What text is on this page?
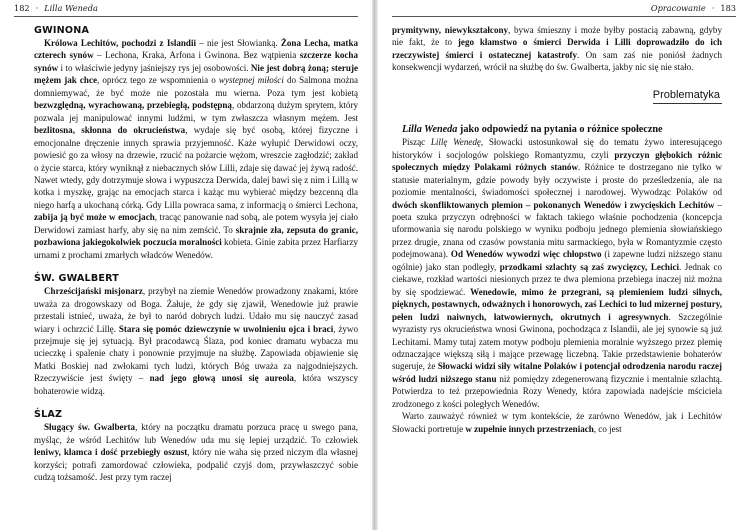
182 · Lilla Weneda
GWINONA

Królowa Lechitów, pochodzi z Islandii – nie jest Słowianką. Żona Lecha, matka czterech synów – Lechona, Kraka, Arfona i Gwinona. Bez wątpienia szczerze kocha synów i to właściwie jedyny jaśniejszy rys jej osobowości. Nie jest dobrą żoną; steruje mężem jak chce, oprócz tego ze wspomnienia o wystepnej miłości do Salmona można domniemywać, że być może nie pozostała mu wierna. Poza tym jest kobietą bezwzględną, wyrachowaną, przebiegłą, podstępną, obdarzoną dużym sprytem, który pozwala jej manipulować innymi ludźmi, w tym zwłaszcza własnym mężem. Jest bezlitosna, skłonna do okrucieństwa, wydaje się być osobą, której fizyczne i emocjonalne dręczenie innych sprawia przyjemność. Każe wyłupić Derwidowi oczy, powiesić go za włosy na drzewie, rzucić na pożarcie wężom, wreszcie zagłodzić; zakład o życie starca, który wyniknął z niebacznych słów Lilli, zdaje się dawać jej żywą radość. Nawet wtedy, gdy dotrzymuje słowa i wypuszcza Derwida, dalej bawi się z nim i Lillą w kotka i myszkę, grając na emocjach starca i każąc mu wybierać między bezcenną dla niego harfą a ukochaną córką. Gdy Lilla powraca sama, z informacją o śmierci Lechona, zabija ją być może w emocjach, tracąc panowanie nad sobą, ale potem wysyła jej ciało Derwidowi zamiast harfy, aby się na nim zemścić. To skrajnie zła, zepsuta do granic, pozbawiona jakiegokolwiek poczucia moralności kobieta. Ginie zabita przez Harfiarzy urnami z prochami zmarłych władców Wenedów.

ŚW. GWALBERT

Chrześcijański misjonarz, przybył na ziemie Wenedów prowadzony znakami, które uważa za drogowskazy od Boga. Żałuje, że gdy się zjawił, Wenedowie już prawie przestali istnieć, uważa, że był to naród dobrych ludzi. Udało mu się nauczyć zasad wiary i ochrzcić Lillę. Stara się pomóc dziewczynie w uwolnieniu ojca i braci, żywo przejmuje się jej sytuacją. Był pracodawcą Ślaza, pod koniec dramatu wybacza mu ucieczkę i spalenie chaty i ponownie przyjmuje na służbę. Zapowiada objawienie się Matki Boskiej nad zwłokami tych ludzi, których Bóg uważa za najgodniejszych. Rzeczywiście jest święty – nad jego głową unosi się aureola, która wszyscy bohaterowie widzą.

ŚLAZ

Sługący św. Gwalberta, który na początku dramatu porzuca pracę u swego pana, myśląc, że wśród Lechitów lub Wenedów uda mu się lepiej urządzić. To człowiek leniwy, kłamca i dość przebiegły oszust, który nie waha się przed niczym dla własnej korzyści; potrafi zamordować człowieka, podpalić czyjś dom, przywłaszczyć sobie cudzą tożsamość. Jest przy tym raczej

Opracowanie · 183

prymitywny, niewykształcony, bywa śmieszny i może byłby postacią zabawną, gdyby nie fakt, że to jego kłamstwo o śmierci Derwida i Lilli doprowadziło do ich rzeczywistej śmierci i ostatecznej katastrofy. On sam zaś nie poniósł żadnych konsekwencji wydarzeń, wrócił na służbę do św. Gwalberta, jakby nic się nie stało.

Problematyka

Lilla Weneda jako odpowiedź na pytania o różnice społeczne

Pisząc Lillę Wenedę, Słowacki ustosunkował się do tematu żywo interesującego historyków i socjologów polskiego Romantyzmu, czyli przyczyn głębokich różnic społecznych między Polakami różnych stanów. Różnice te dostrzegano nie tylko w statusie materialnym, gdzie powody były oczywiste i proste do prześledzenia, ale na poziomie mentalności, świadomości społecznej i narodowej. Wywodząc Polaków od dwóch skonfliktowanych plemion – pokonanych Wenedów i zwycięskich Lechitów – poeta szuka przyczyn odrębności w faktach takiego właśnie pochodzenia (koncepcja uformowania się narodu polskiego w wyniku podboju jednego plemienia słowiańskiego przez drugie, znana od czasów powstania mitu sarmackiego, była w Romantyzmie często podejmowana). Od Wenedów wywodzi więc chłopstwo (i zapewne ludzi niższego stanu ogólnie) jako stan podległy, przodkami szlachty są zaś zwycięzcy, Lechici. Jednak co ciekawe, rozkład wartości niesionych przez te dwa plemiona przebiega inaczej niż można by się spodziewać. Wenedowie, mimo że przegrani, są plemieniem ludzi silnych, pięknych, postawnych, odważnych i honorowych, zaś Lechici to lud mizernej postury, pełen ludzi naiwnych, łatwowiernych, okrutnych i agresywnych. Szczególnie wyrazisty rys okrucieństwa wnosi Gwinona, pochodząca z Islandii, ale jej synowie są już Lechitami. Mamy tutaj zatem motyw podboju plemienia moralnie wyższego przez plemię odznaczające większą siłą i mające przewagę liczebną. Takie przedstawienie bohaterów sugeruje, że Słowacki widzi siły witalne Polaków i potencjał odrodzenia narodu raczej wśród ludzi niższego stanu niż pomiędzy zdegenerowaną fizycznie i mentalnie szlachtą. Potwierdza to też przepowiednia Rozy Wenedy, która zapowiada nadejście mściciela zrodzonego z kości poległych Wenedów.

Warto zauważyć również w tym kontekście, że zarówno Wenedów, jak i Lechitów Słowacki portretuje w zupełnie innych przestrzeniach, co jest
